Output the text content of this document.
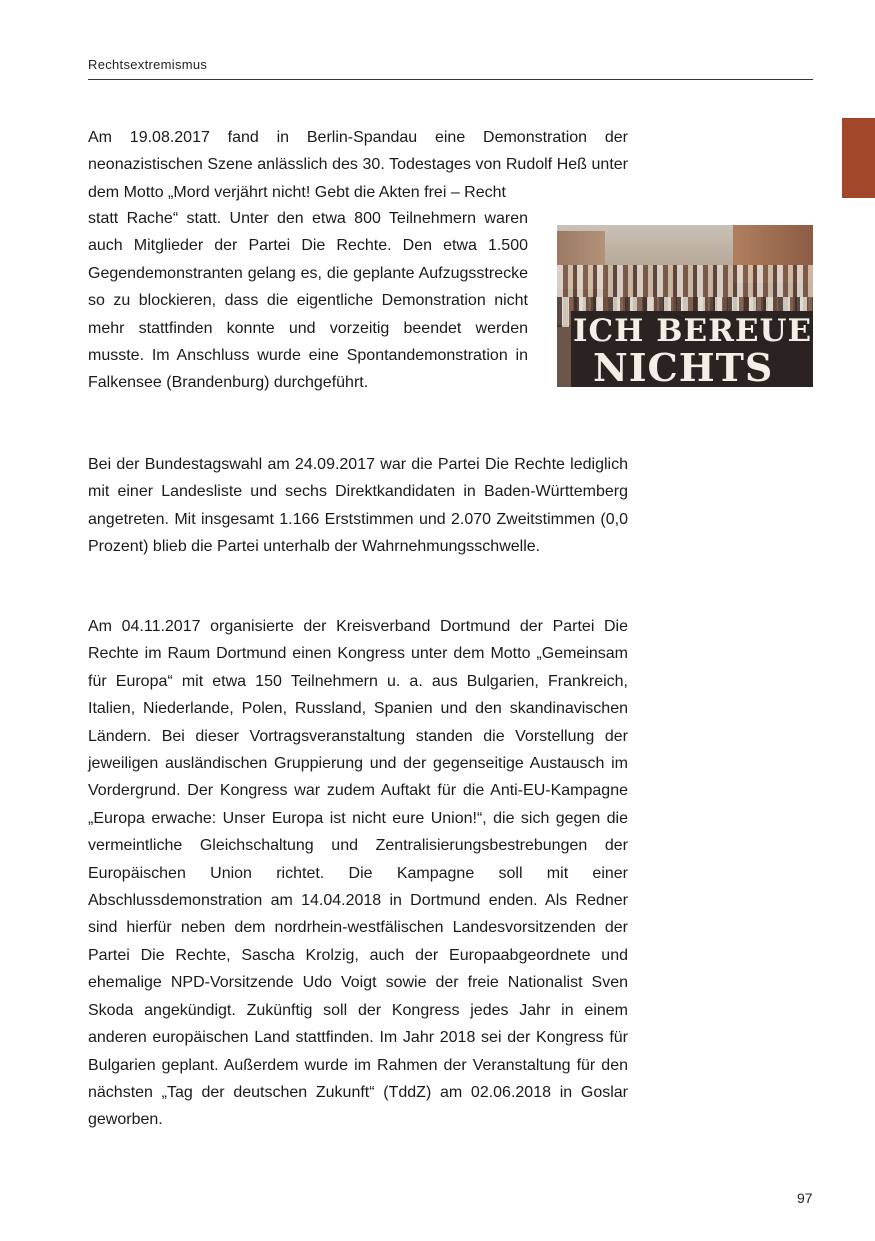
Rechtsextremismus

Am 19.08.2017 fand in Berlin-Spandau eine Demonstration der neonazistischen Szene anlässlich des 30. Todestages von Rudolf Heß unter dem Motto „Mord verjährt nicht! Gebt die Akten frei – Recht

statt Rache“ statt. Unter den etwa 800 Teilnehmern waren auch Mitglieder der Partei Die Rechte. Den etwa 1.500 Gegendemonstranten gelang es, die geplante Aufzugsstrecke so zu blockieren, dass die eigentliche Demonstration nicht mehr stattfinden konnte und vorzeitig beendet werden musste. Im Anschluss wurde eine Spontandemonstration in Falkensee (Brandenburg) durchgeführt.

ICH BEREUE
NICHTS

Bei der Bundestagswahl am 24.09.2017 war die Partei Die Rechte lediglich mit einer Landesliste und sechs Direktkandidaten in Baden-Württemberg angetreten. Mit insgesamt 1.166 Erststimmen und 2.070 Zweitstimmen (0,0 Prozent) blieb die Partei unterhalb der Wahrnehmungsschwelle.

Am 04.11.2017 organisierte der Kreisverband Dortmund der Partei Die Rechte im Raum Dortmund einen Kongress unter dem Motto „Gemeinsam für Europa“ mit etwa 150 Teilnehmern u. a. aus Bulgarien, Frankreich, Italien, Niederlande, Polen, Russland, Spanien und den skandinavischen Ländern. Bei dieser Vortragsveranstaltung standen die Vorstellung der jeweiligen ausländischen Gruppierung und der gegenseitige Austausch im Vordergrund. Der Kongress war zudem Auftakt für die Anti-EU-Kampagne „Europa erwache: Unser Europa ist nicht eure Union!“, die sich gegen die vermeintliche Gleichschaltung und Zentralisierungsbestrebungen der Europäischen Union richtet. Die Kampagne soll mit einer Abschlussdemonstration am 14.04.2018 in Dortmund enden. Als Redner sind hierfür neben dem nordrhein-westfälischen Landesvorsitzenden der Partei Die Rechte, Sascha Krolzig, auch der Europaabgeordnete und ehemalige NPD-Vorsitzende Udo Voigt sowie der freie Nationalist Sven Skoda angekündigt. Zukünftig soll der Kongress jedes Jahr in einem anderen europäischen Land stattfinden. Im Jahr 2018 sei der Kongress für Bulgarien geplant. Außerdem wurde im Rahmen der Veranstaltung für den nächsten „Tag der deutschen Zukunft“ (TddZ) am 02.06.2018 in Goslar geworben.

97
